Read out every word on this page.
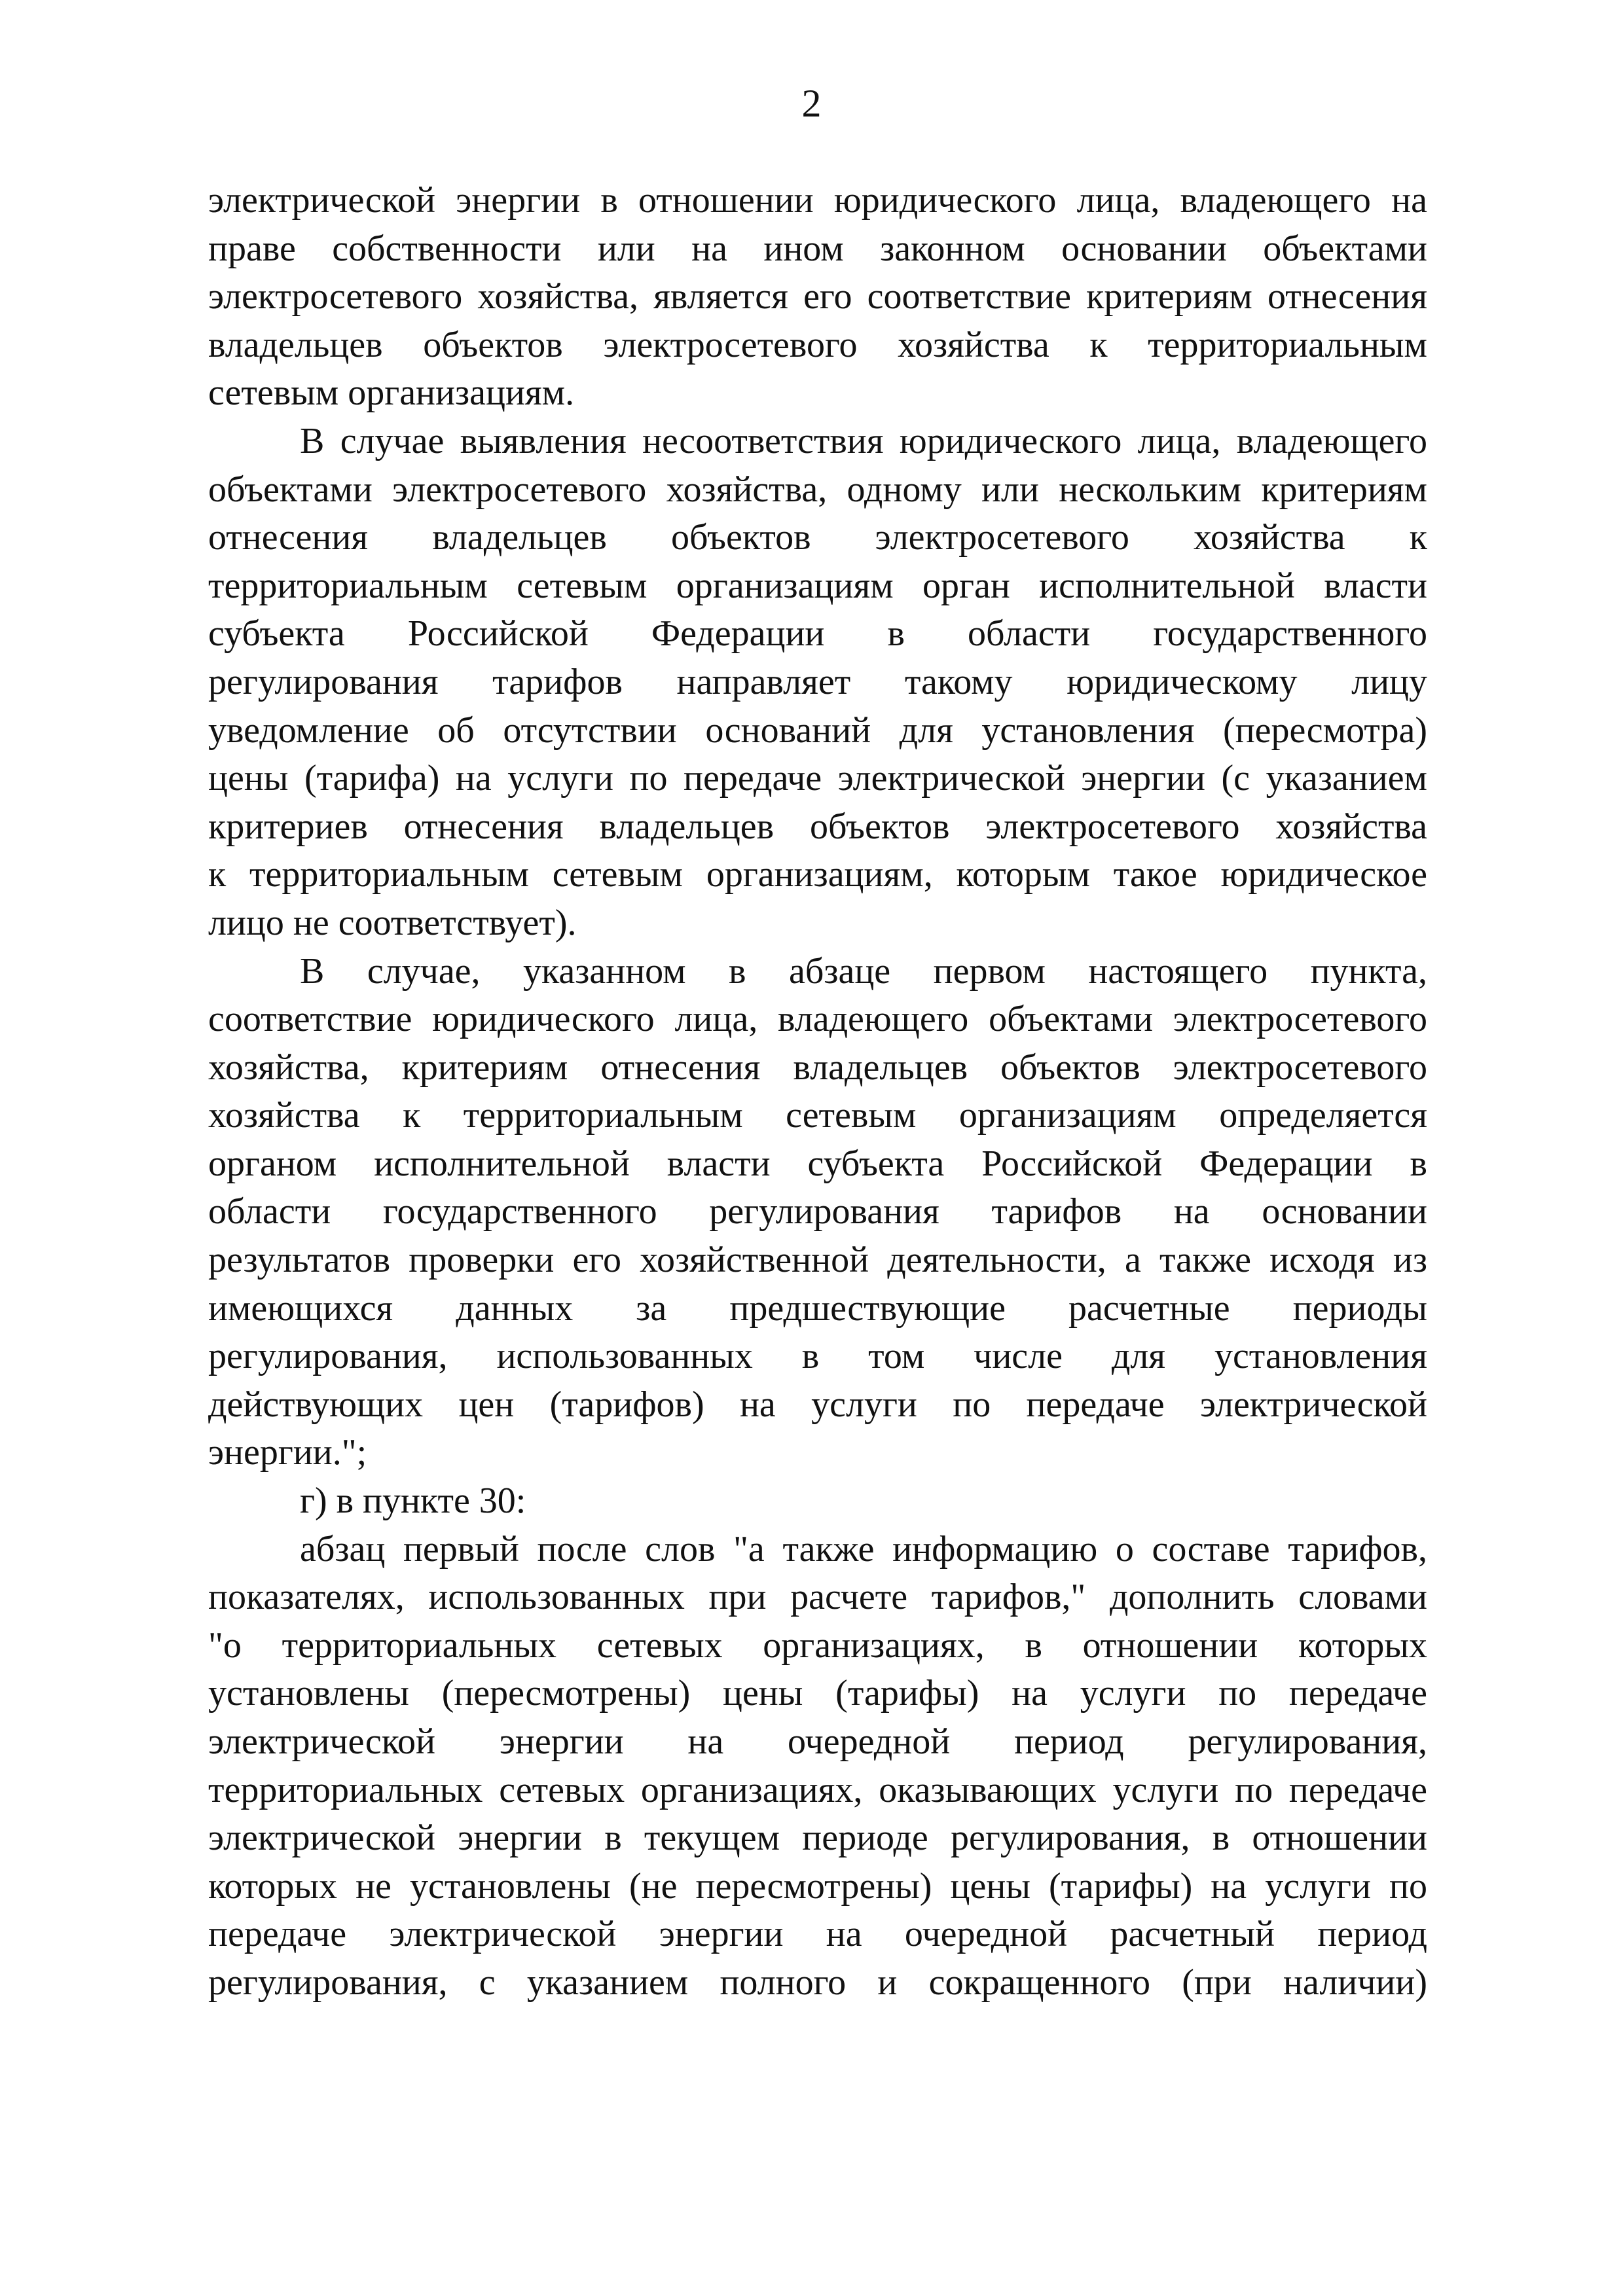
2
электрической энергии в отношении юридического лица, владеющего на
праве собственности или на ином законном основании объектами
электросетевого хозяйства, является его соответствие критериям отнесения
владельцев объектов электросетевого хозяйства к территориальным
сетевым организациям.
В случае выявления несоответствия юридического лица, владеющего
объектами электросетевого хозяйства, одному или нескольким критериям
отнесения владельцев объектов электросетевого хозяйства к
территориальным сетевым организациям орган исполнительной власти
субъекта Российской Федерации в области государственного
регулирования тарифов направляет такому юридическому лицу
уведомление об отсутствии оснований для установления (пересмотра)
цены (тарифа) на услуги по передаче электрической энергии (с указанием
критериев отнесения владельцев объектов электросетевого хозяйства
к территориальным сетевым организациям, которым такое юридическое
лицо не соответствует).
В случае, указанном в абзаце первом настоящего пункта,
соответствие юридического лица, владеющего объектами электросетевого
хозяйства, критериям отнесения владельцев объектов электросетевого
хозяйства к территориальным сетевым организациям определяется
органом исполнительной власти субъекта Российской Федерации в
области государственного регулирования тарифов на основании
результатов проверки его хозяйственной деятельности, а также исходя из
имеющихся данных за предшествующие расчетные периоды
регулирования, использованных в том числе для установления
действующих цен (тарифов) на услуги по передаче электрической
энергии.";
г) в пункте 30:
абзац первый после слов "а также информацию о составе тарифов,
показателях, использованных при расчете тарифов," дополнить словами
"о территориальных сетевых организациях, в отношении которых
установлены (пересмотрены) цены (тарифы) на услуги по передаче
электрической энергии на очередной период регулирования,
территориальных сетевых организациях, оказывающих услуги по передаче
электрической энергии в текущем периоде регулирования, в отношении
которых не установлены (не пересмотрены) цены (тарифы) на услуги по
передаче электрической энергии на очередной расчетный период
регулирования, с указанием полного и сокращенного (при наличии)
